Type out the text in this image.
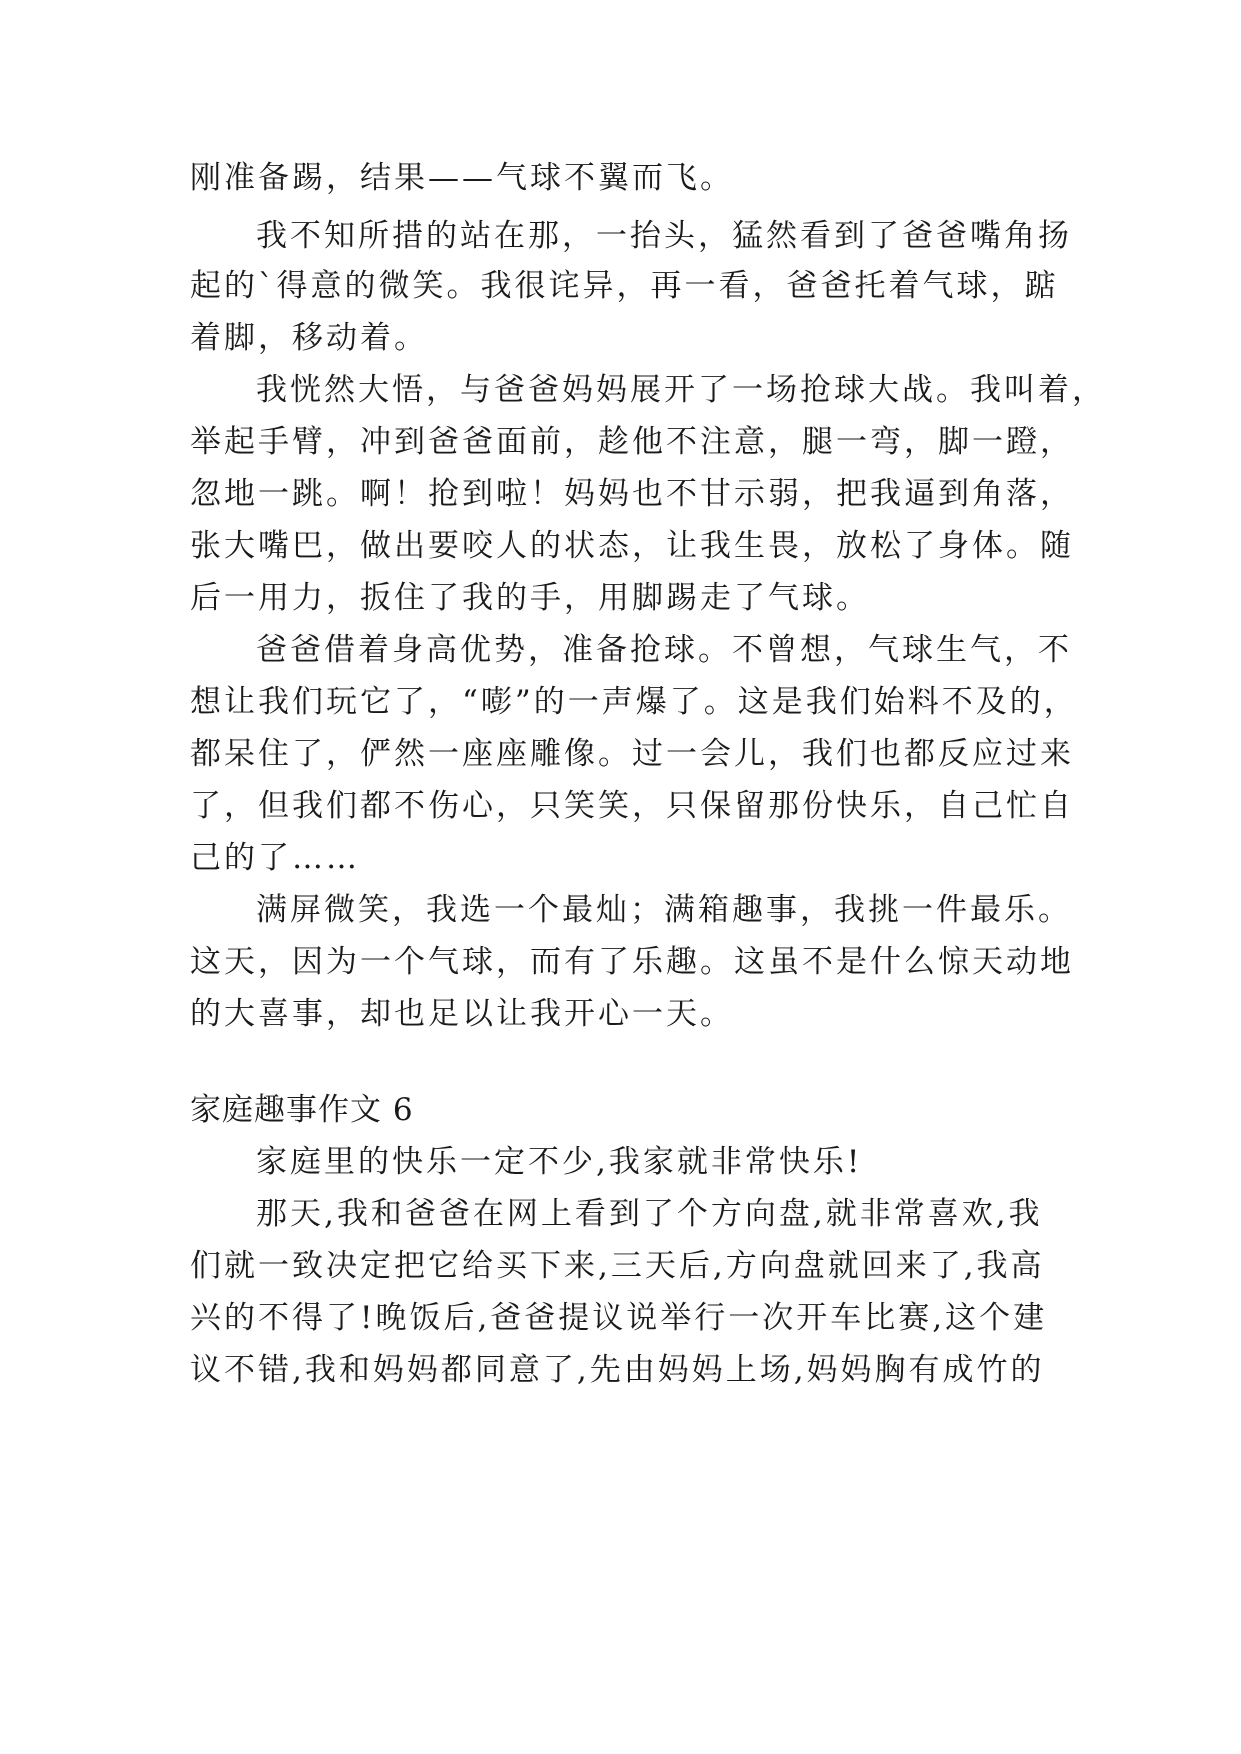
刚准备踢，结果——气球不翼而飞。
我不知所措的站在那，一抬头，猛然看到了爸爸嘴角扬
起的`得意的微笑。我很诧异，再一看，爸爸托着气球，踮
着脚，移动着。
我恍然大悟，与爸爸妈妈展开了一场抢球大战。我叫着，
举起手臂，冲到爸爸面前，趁他不注意，腿一弯，脚一蹬，
忽地一跳。啊！抢到啦！妈妈也不甘示弱，把我逼到角落，
张大嘴巴，做出要咬人的状态，让我生畏，放松了身体。随
后一用力，扳住了我的手，用脚踢走了气球。
爸爸借着身高优势，准备抢球。不曾想，气球生气，不
想让我们玩它了，“嘭”的一声爆了。这是我们始料不及的，
都呆住了，俨然一座座雕像。过一会儿，我们也都反应过来
了，但我们都不伤心，只笑笑，只保留那份快乐，自己忙自
己的了……
满屏微笑，我选一个最灿；满箱趣事，我挑一件最乐。
这天，因为一个气球，而有了乐趣。这虽不是什么惊天动地
的大喜事，却也足以让我开心一天。
家庭趣事作文 6
家庭里的快乐一定不少,我家就非常快乐!
那天,我和爸爸在网上看到了个方向盘,就非常喜欢,我
们就一致决定把它给买下来,三天后,方向盘就回来了,我高
兴的不得了!晚饭后,爸爸提议说举行一次开车比赛,这个建
议不错,我和妈妈都同意了,先由妈妈上场,妈妈胸有成竹的
